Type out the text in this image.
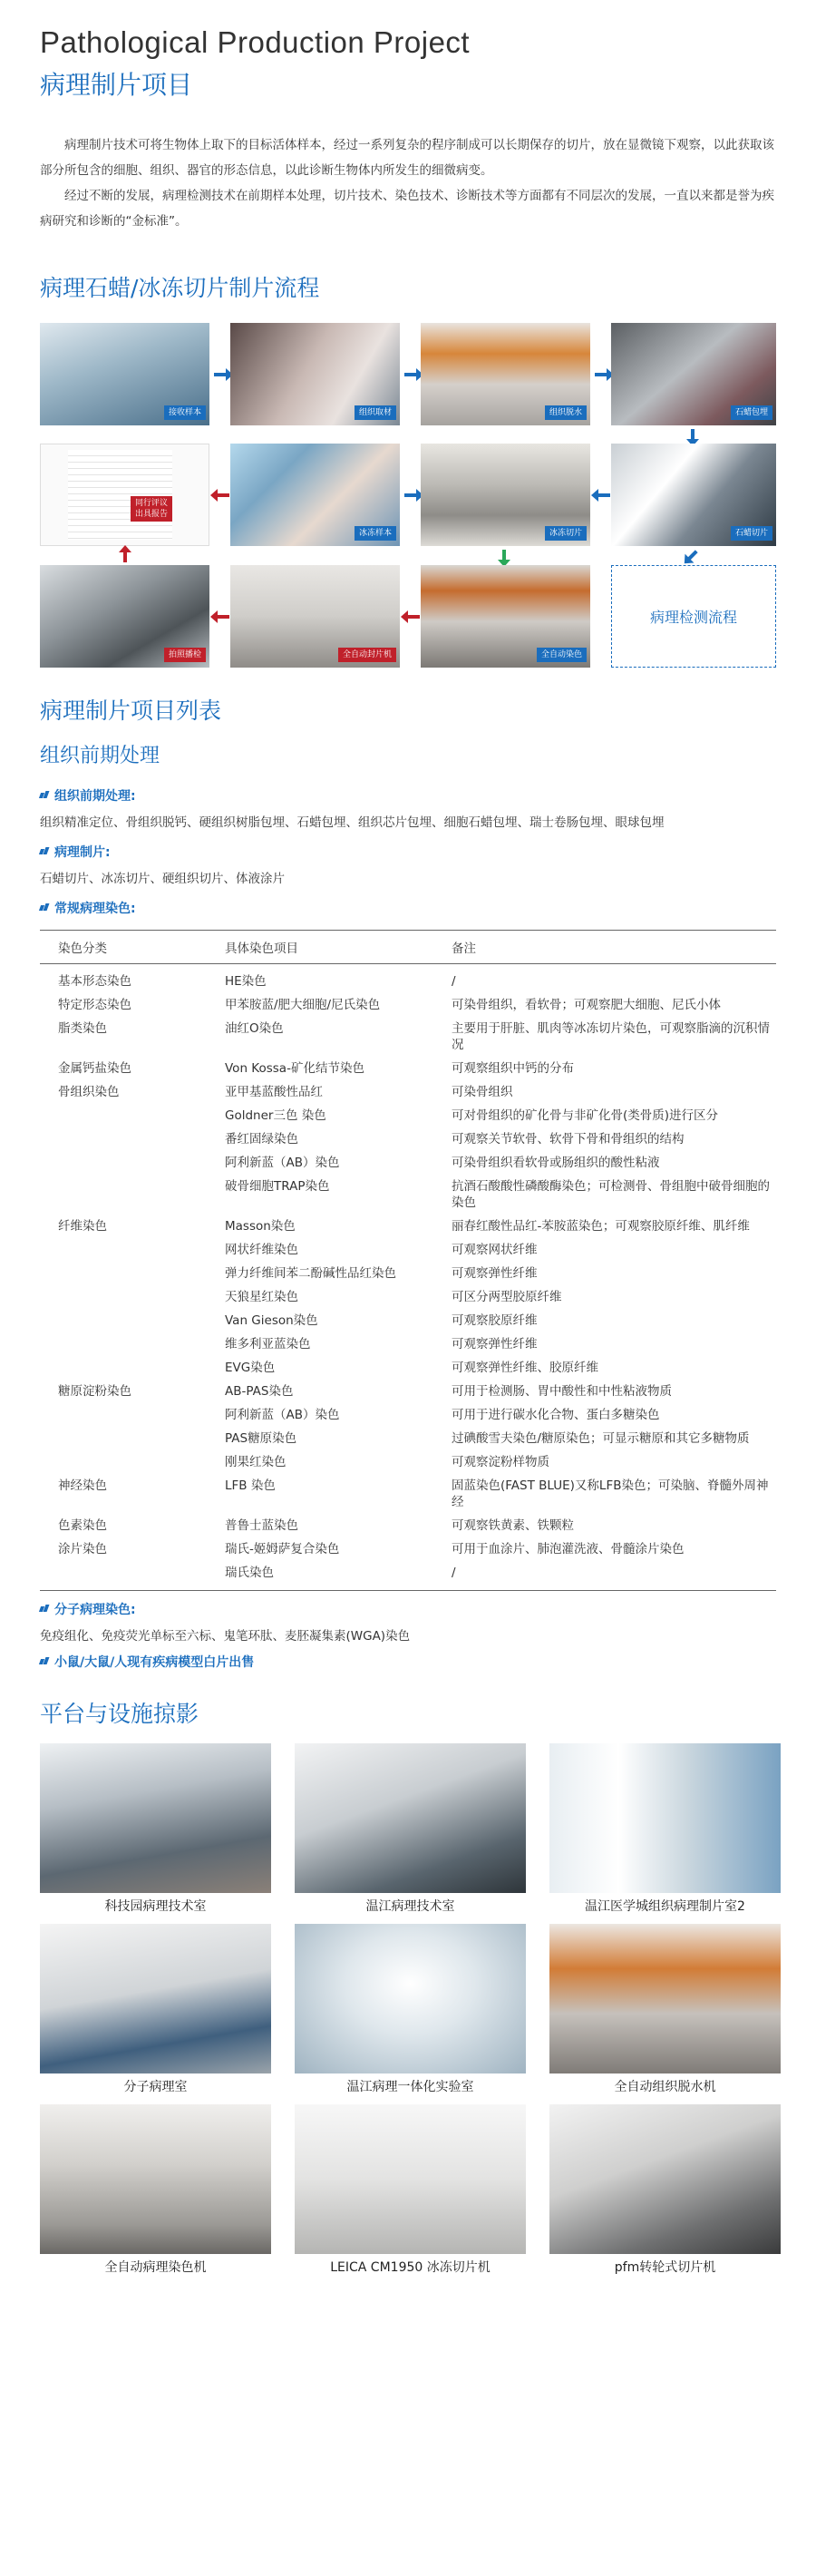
Pathological Production Project
病理制片项目

病理制片技术可将生物体上取下的目标活体样本，经过一系列复杂的程序制成可以长期保存的切片，放在显微镜下观察，以此获取该部分所包含的细胞、组织、器官的形态信息，以此诊断生物体内所发生的细微病变。

经过不断的发展，病理检测技术在前期样本处理，切片技术、染色技术、诊断技术等方面都有不同层次的发展，一直以来都是誉为疾病研究和诊断的“金标准”。

病理石蜡/冰冻切片制片流程
接收样本	组织取材	组织脱水	石蜡包埋
同行评议
出具报告
冰冻样本	冰冻切片	石蜡切片
拍照播检	全自动封片机	全自动染色
病理检测流程
病理制片项目列表
组织前期处理
组织前期处理:
组织精准定位、骨组织脱钙、硬组织树脂包埋、石蜡包埋、组织芯片包埋、细胞石蜡包埋、瑞士卷肠包埋、眼球包埋
病理制片:
石蜡切片、冰冻切片、硬组织切片、体液涂片
常规病理染色:
染色分类	具体染色项目	备注
基本形态染色	HE染色	/
特定形态染色	甲苯胺蓝/肥大细胞/尼氏染色	可染骨组织，看软骨；可观察肥大细胞、尼氏小体
脂类染色	油红O染色	主要用于肝脏、肌肉等冰冻切片染色，可观察脂滴的沉积情况
金属钙盐染色	Von Kossa-矿化结节染色	可观察组织中钙的分布
骨组织染色	亚甲基蓝酸性品红	可染骨组织
	Goldner三色 染色	可对骨组织的矿化骨与非矿化骨(类骨质)进行区分
	番红固绿染色	可观察关节软骨、软骨下骨和骨组织的结构
	阿利新蓝（AB）染色	可染骨组织看软骨或肠组织的酸性粘液
	破骨细胞TRAP染色	抗酒石酸酸性磷酸酶染色；可检测骨、骨组胞中破骨细胞的染色
纤维染色	Masson染色	丽春红酸性品红-苯胺蓝染色；可观察胶原纤维、肌纤维
	网状纤维染色	可观察网状纤维
	弹力纤维间苯二酚碱性品红染色	可观察弹性纤维
	天狼星红染色	可区分两型胶原纤维
	Van Gieson染色	可观察胶原纤维
	维多利亚蓝染色	可观察弹性纤维
	EVG染色	可观察弹性纤维、胶原纤维
糖原淀粉染色	AB-PAS染色	可用于检测肠、胃中酸性和中性粘液物质
	阿利新蓝（AB）染色	可用于进行碳水化合物、蛋白多糖染色
	PAS糖原染色	过碘酸雪夫染色/糖原染色；可显示糖原和其它多糖物质
	刚果红染色	可观察淀粉样物质
神经染色	LFB 染色	固蓝染色(FAST BLUE)又称LFB染色；可染脑、脊髓外周神经
色素染色	普鲁士蓝染色	可观察铁黄素、铁颗粒
涂片染色	瑞氏-姬姆萨复合染色	可用于血涂片、肺泡灌洗液、骨髓涂片染色
	瑞氏染色	/
分子病理染色:
免疫组化、免疫荧光单标至六标、鬼笔环肽、麦胚凝集素(WGA)染色
小鼠/大鼠/人现有疾病模型白片出售
平台与设施掠影
科技园病理技术室	温江病理技术室	温江医学城组织病理制片室2
分子病理室	温江病理一体化实验室	全自动组织脱水机
全自动病理染色机	LEICA CM1950 冰冻切片机	pfm转轮式切片机
